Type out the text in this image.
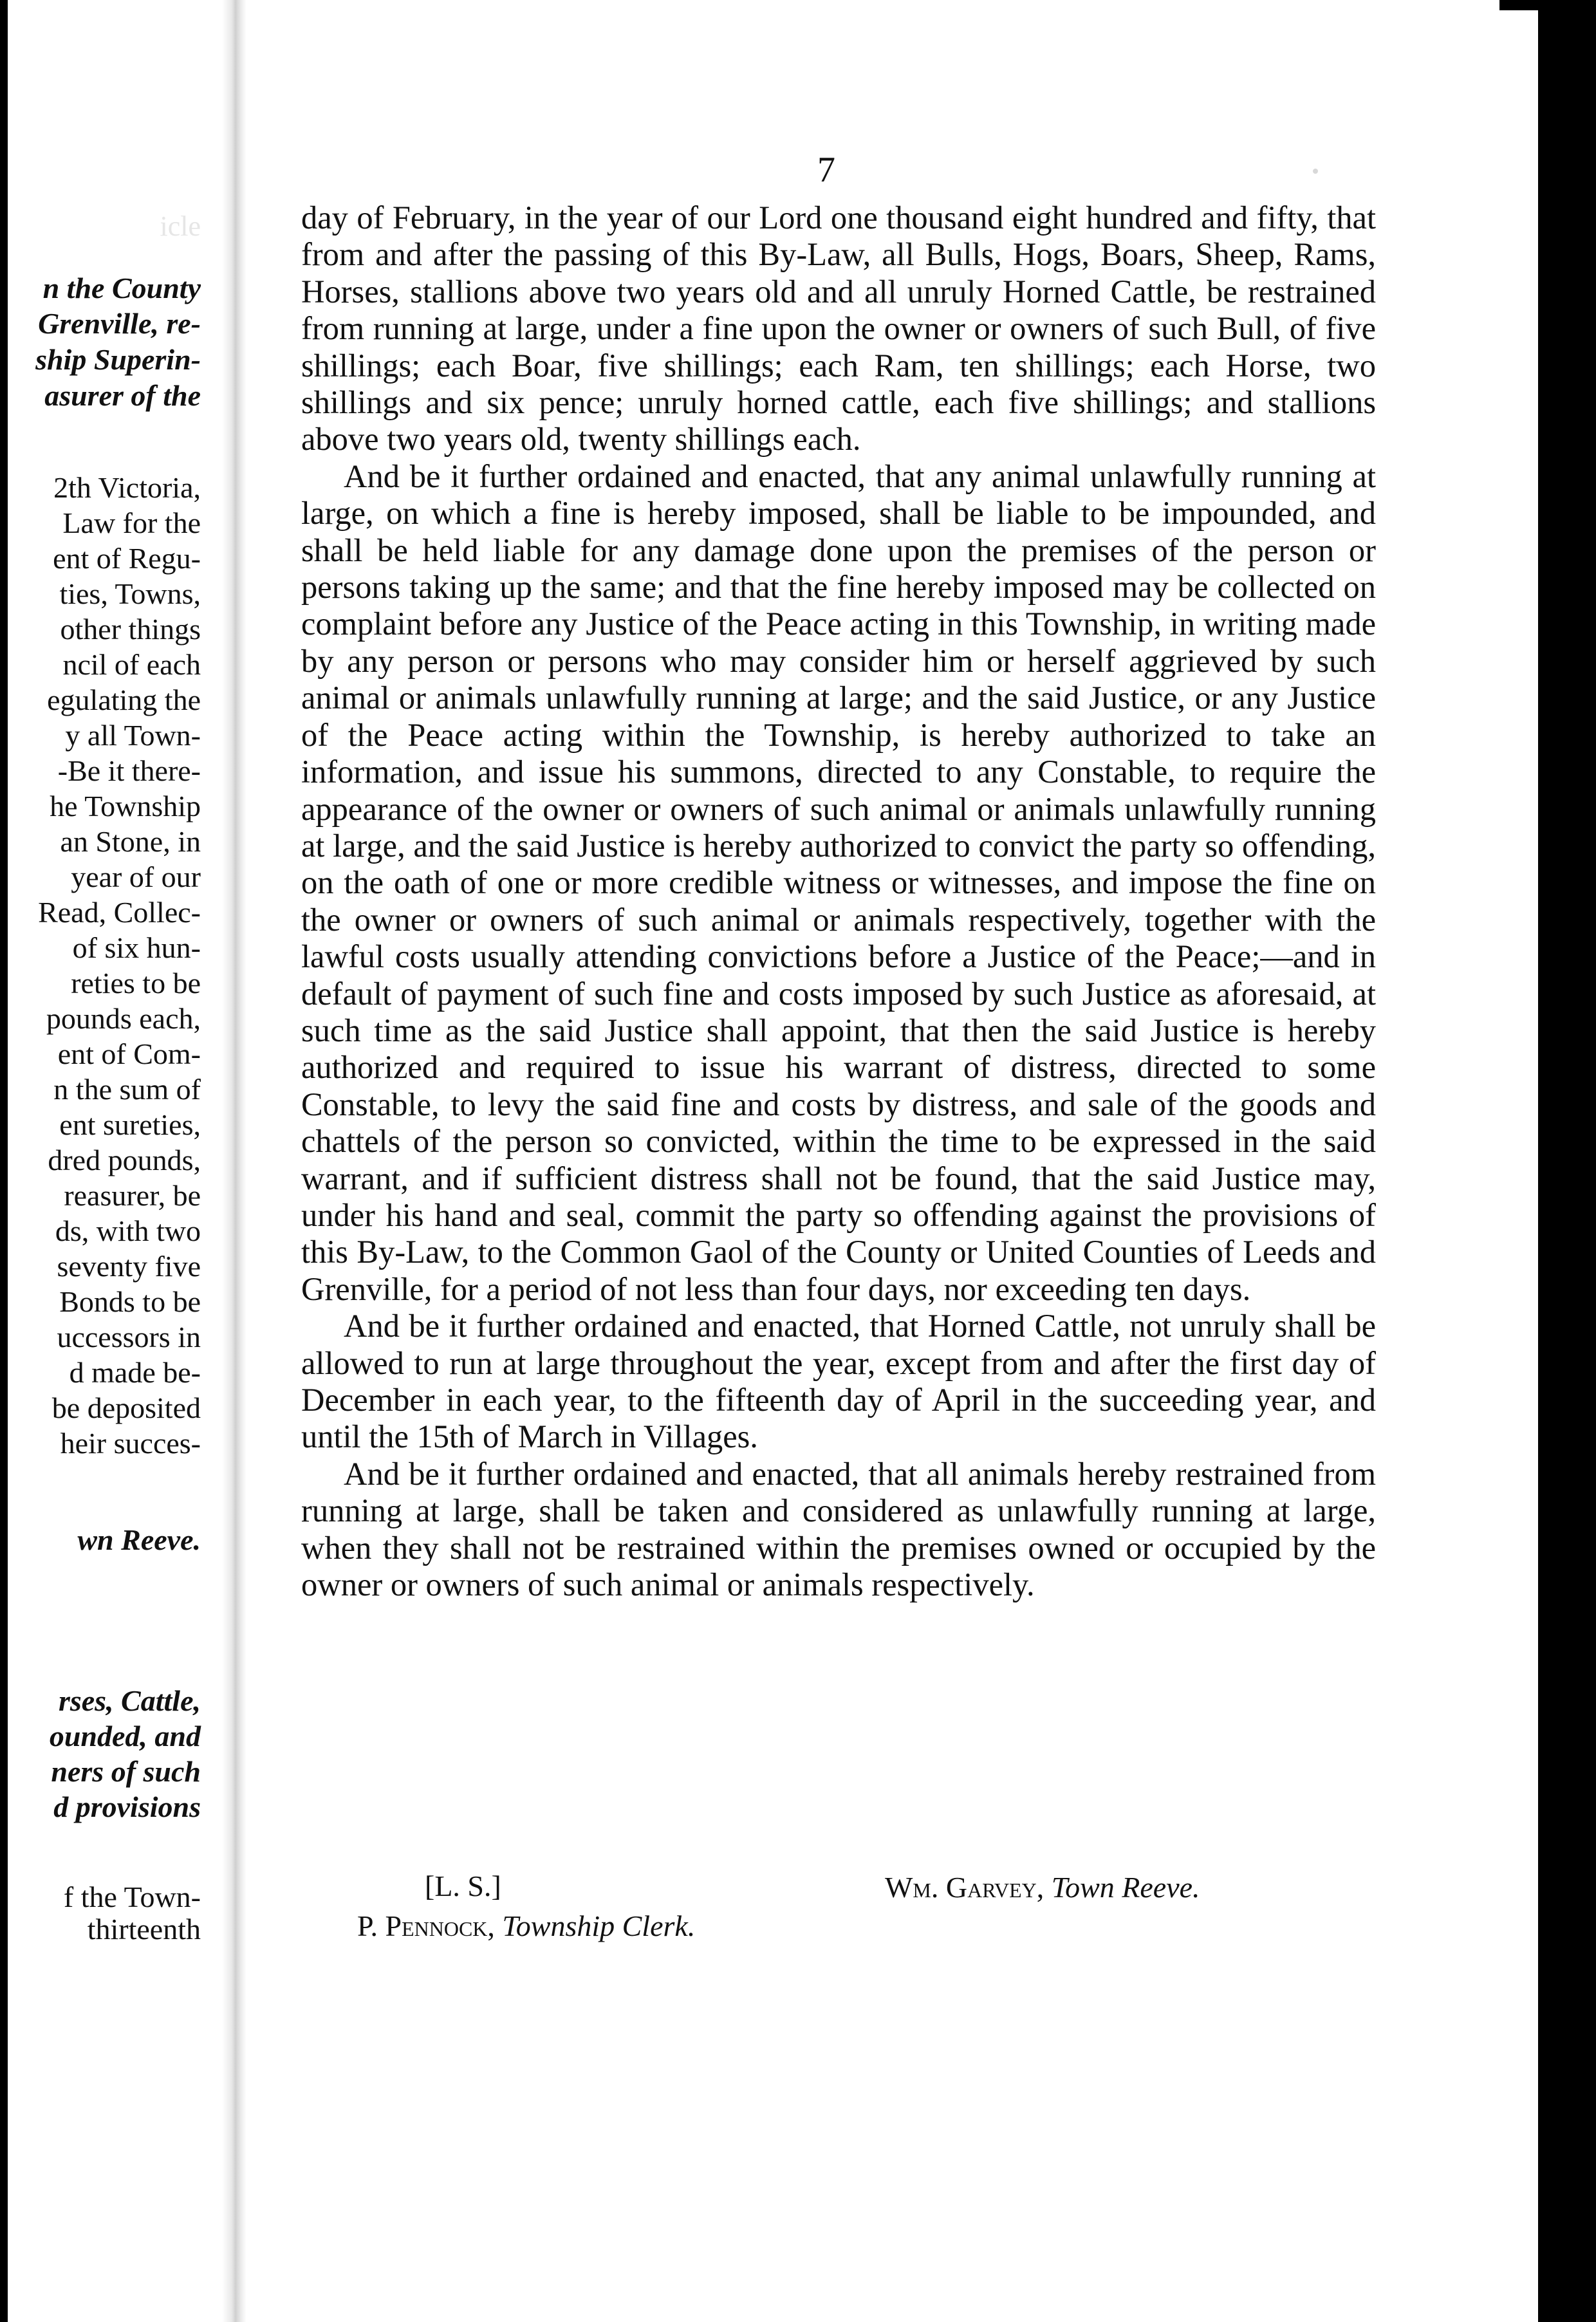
icle
n the County
Grenville, re-
ship Superin-
asurer of the
2th Victoria,
Law for the
ent of Regu-
ties, Towns,
other things
ncil of each
egulating the
y all Town-
-Be it there-
he Township
an Stone, in
year of our
Read, Collec-
of six hun-
reties to be
pounds each,
ent of Com-
n the sum of
ent sureties,
dred pounds,
reasurer, be
ds, with two
seventy five
Bonds to be
uccessors in
d made be-
be deposited
heir succes-
wn Reeve.
rses, Cattle,
ounded, and
ners of such
d provisions
f the Town-
thirteenth
7

day of February, in the year of our Lord one thousand eight hundred and fifty, that from and after the passing of this By-Law, all Bulls, Hogs, Boars, Sheep, Rams, Horses, stallions above two years old and all unruly Horned Cattle, be restrained from running at large, under a fine upon the owner or owners of such Bull, of five shillings; each Boar, five shillings; each Ram, ten shillings; each Horse, two shillings and six pence; unruly horned cattle, each five shillings; and stallions above two years old, twenty shillings each.

And be it further ordained and enacted, that any animal unlawfully running at large, on which a fine is hereby imposed, shall be liable to be impounded, and shall be held liable for any damage done upon the premises of the person or persons taking up the same; and that the fine hereby imposed may be collected on complaint before any Justice of the Peace acting in this Township, in writing made by any person or persons who may consider him or herself aggrieved by such animal or animals unlawfully running at large; and the said Justice, or any Justice of the Peace acting within the Township, is hereby authorized to take an information, and issue his summons, directed to any Constable, to require the appearance of the owner or owners of such animal or animals unlawfully running at large, and the said Justice is hereby authorized to convict the party so offending, on the oath of one or more credible witness or witnesses, and impose the fine on the owner or owners of such animal or animals respectively, together with the lawful costs usually attending convictions before a Justice of the Peace;—and in default of payment of such fine and costs imposed by such Justice as aforesaid, at such time as the said Justice shall appoint, that then the said Justice is hereby authorized and required to issue his warrant of distress, directed to some Constable, to levy the said fine and costs by distress, and sale of the goods and chattels of the person so convicted, within the time to be expressed in the said warrant, and if sufficient distress shall not be found, that the said Justice may, under his hand and seal, commit the party so offending against the provisions of this By-Law, to the Common Gaol of the County or United Counties of Leeds and Grenville, for a period of not less than four days, nor exceeding ten days.

And be it further ordained and enacted, that Horned Cattle, not unruly shall be allowed to run at large throughout the year, except from and after the first day of December in each year, to the fifteenth day of April in the succeeding year, and until the 15th of March in Villages.

And be it further ordained and enacted, that all animals hereby restrained from running at large, shall be taken and considered as unlawfully running at large, when they shall not be restrained within the premises owned or occupied by the owner or owners of such animal or animals respectively.

[L. S.]	Wm. Garvey, Town Reeve.
P. Pennock, Township Clerk.
